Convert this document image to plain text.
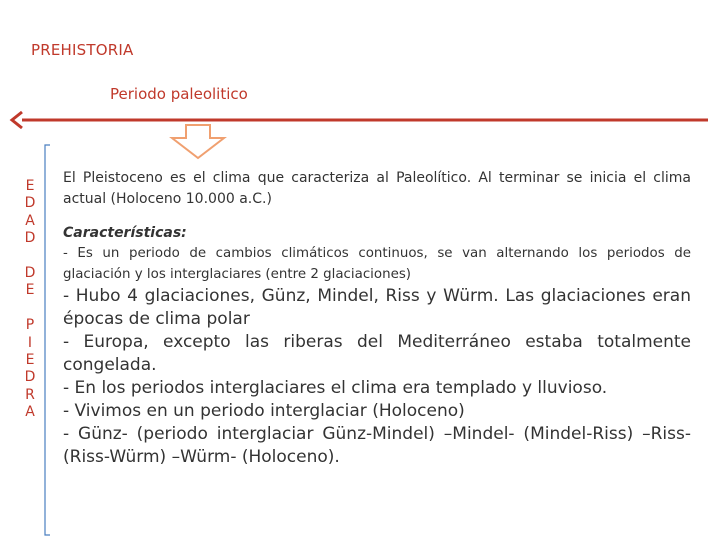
PREHISTORIA
Periodo paleolitico
E
D
A
D
D
E
P
I
E
D
R
A

El Pleistoceno es el clima que caracteriza al Paleolítico. Al terminar se inicia el clima actual (Holoceno 10.000 a.C.)

Características:

- Es un periodo de cambios climáticos continuos, se van alternando los periodos de glaciación y los interglaciares (entre 2 glaciaciones)

- Hubo 4 glaciaciones, Günz, Mindel, Riss y Würm. Las glaciaciones eran épocas de clima polar

- Europa, excepto las riberas del Mediterráneo estaba totalmente congelada.

- En los periodos interglaciares el clima era templado y lluvioso.

- Vivimos en un periodo interglaciar (Holoceno)

- Günz- (periodo interglaciar Günz-Mindel) –Mindel- (Mindel-Riss) –Riss- (Riss-Würm) –Würm- (Holoceno).
